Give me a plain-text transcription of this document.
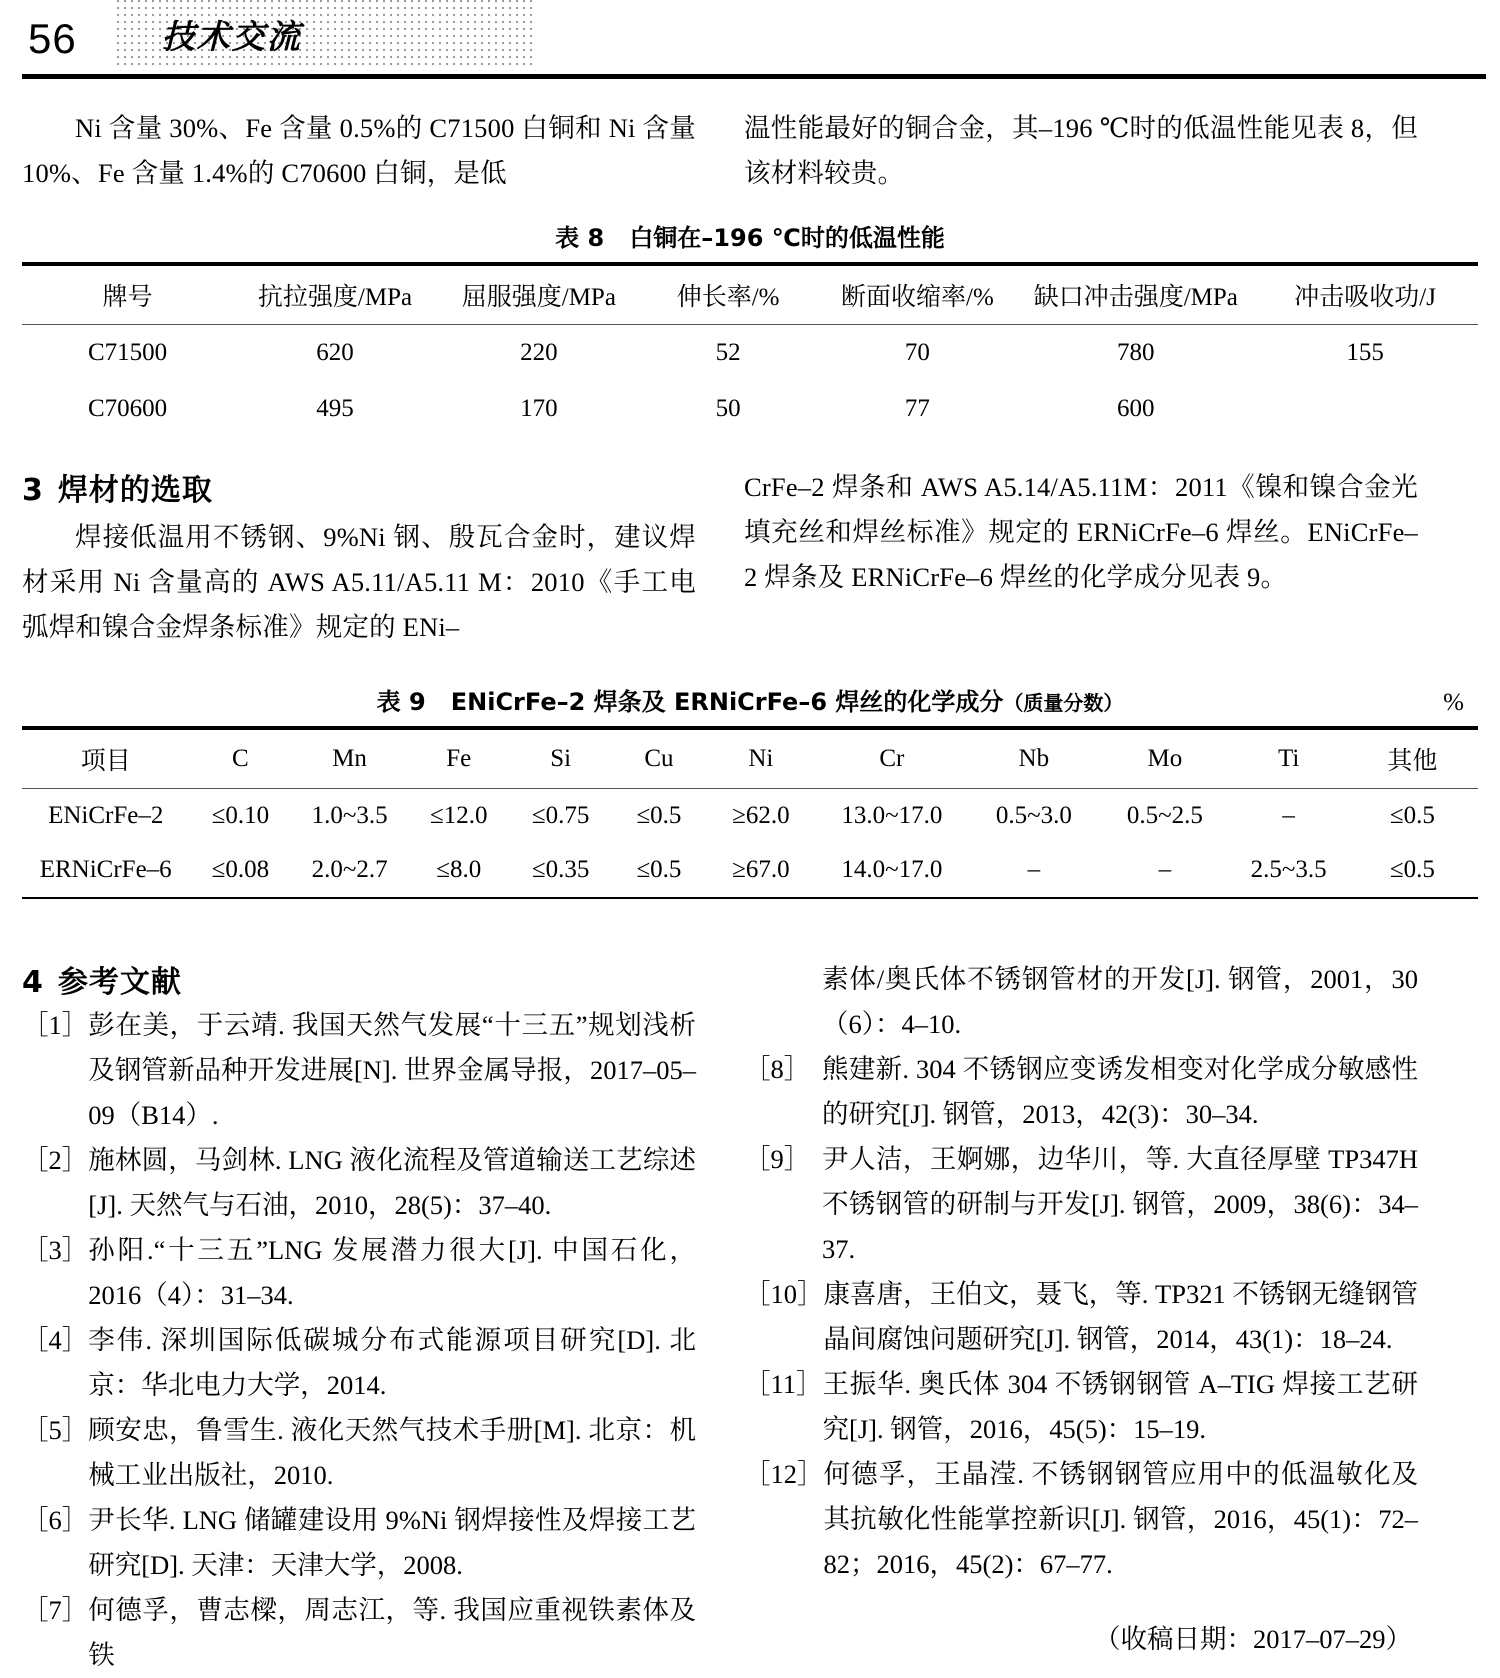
56	技术交流

Ni 含量 30%、Fe 含量 0.5%的 C71500 白铜和 Ni 含量 10%、Fe 含量 1.4%的 C70600 白铜，是低

温性能最好的铜合金，其–196 ℃时的低温性能见表 8，但该材料较贵。

表 8 白铜在–196 ℃时的低温性能
牌号	抗拉强度/MPa	屈服强度/MPa	伸长率/%	断面收缩率/%	缺口冲击强度/MPa	冲击吸收功/J
C71500	620	220	52	70	780	155
C70600	495	170	50	77	600	
3 焊材的选取

焊接低温用不锈钢、9%Ni 钢、殷瓦合金时，建议焊材采用 Ni 含量高的 AWS A5.11/A5.11 M：2010《手工电弧焊和镍合金焊条标准》规定的 ENi–

CrFe–2 焊条和 AWS A5.14/A5.11M：2011《镍和镍合金光填充丝和焊丝标准》规定的 ERNiCrFe–6 焊丝。ENiCrFe–2 焊条及 ERNiCrFe–6 焊丝的化学成分见表 9。

表 9 ENiCrFe–2 焊条及 ERNiCrFe–6 焊丝的化学成分（质量分数）	%
项目	C	Mn	Fe	Si	Cu	Ni	Cr	Nb	Mo	Ti	其他
ENiCrFe–2	≤0.10	1.0~3.5	≤12.0	≤0.75	≤0.5	≥62.0	13.0~17.0	0.5~3.0	0.5~2.5	–	≤0.5
ERNiCrFe–6	≤0.08	2.0~2.7	≤8.0	≤0.35	≤0.5	≥67.0	14.0~17.0	–	–	2.5~3.5	≤0.5
4 参考文献
［1］ 彭在美，于云靖. 我国天然气发展“十三五”规划浅析及钢管新品种开发进展[N]. 世界金属导报，2017–05–09（B14）.
［2］ 施林圆，马剑林. LNG 液化流程及管道输送工艺综述[J]. 天然气与石油，2010，28(5)：37–40.
［3］ 孙阳.“十三五”LNG 发展潜力很大[J]. 中国石化，2016（4）：31–34.
［4］ 李伟. 深圳国际低碳城分布式能源项目研究[D]. 北京：华北电力大学，2014.
［5］ 顾安忠，鲁雪生. 液化天然气技术手册[M]. 北京：机械工业出版社，2010.
［6］ 尹长华. LNG 储罐建设用 9%Ni 钢焊接性及焊接工艺研究[D]. 天津：天津大学，2008.
［7］ 何德孚，曹志樑，周志江，等. 我国应重视铁素体及铁
素体/奥氏体不锈钢管材的开发[J]. 钢管，2001，30（6）：4–10.
［8］ 熊建新. 304 不锈钢应变诱发相变对化学成分敏感性的研究[J]. 钢管，2013，42(3)：30–34.
［9］ 尹人洁，王婀娜，边华川，等. 大直径厚壁 TP347H 不锈钢管的研制与开发[J]. 钢管，2009，38(6)：34–37.
［10］ 康喜唐，王伯文，聂飞，等. TP321 不锈钢无缝钢管晶间腐蚀问题研究[J]. 钢管，2014，43(1)：18–24.
［11］ 王振华. 奥氏体 304 不锈钢钢管 A–TIG 焊接工艺研究[J]. 钢管，2016，45(5)：15–19.
［12］ 何德孚，王晶滢. 不锈钢钢管应用中的低温敏化及其抗敏化性能掌控新识[J]. 钢管，2016，45(1)：72–82；2016，45(2)：67–77.
（收稿日期：2017–07–29）
